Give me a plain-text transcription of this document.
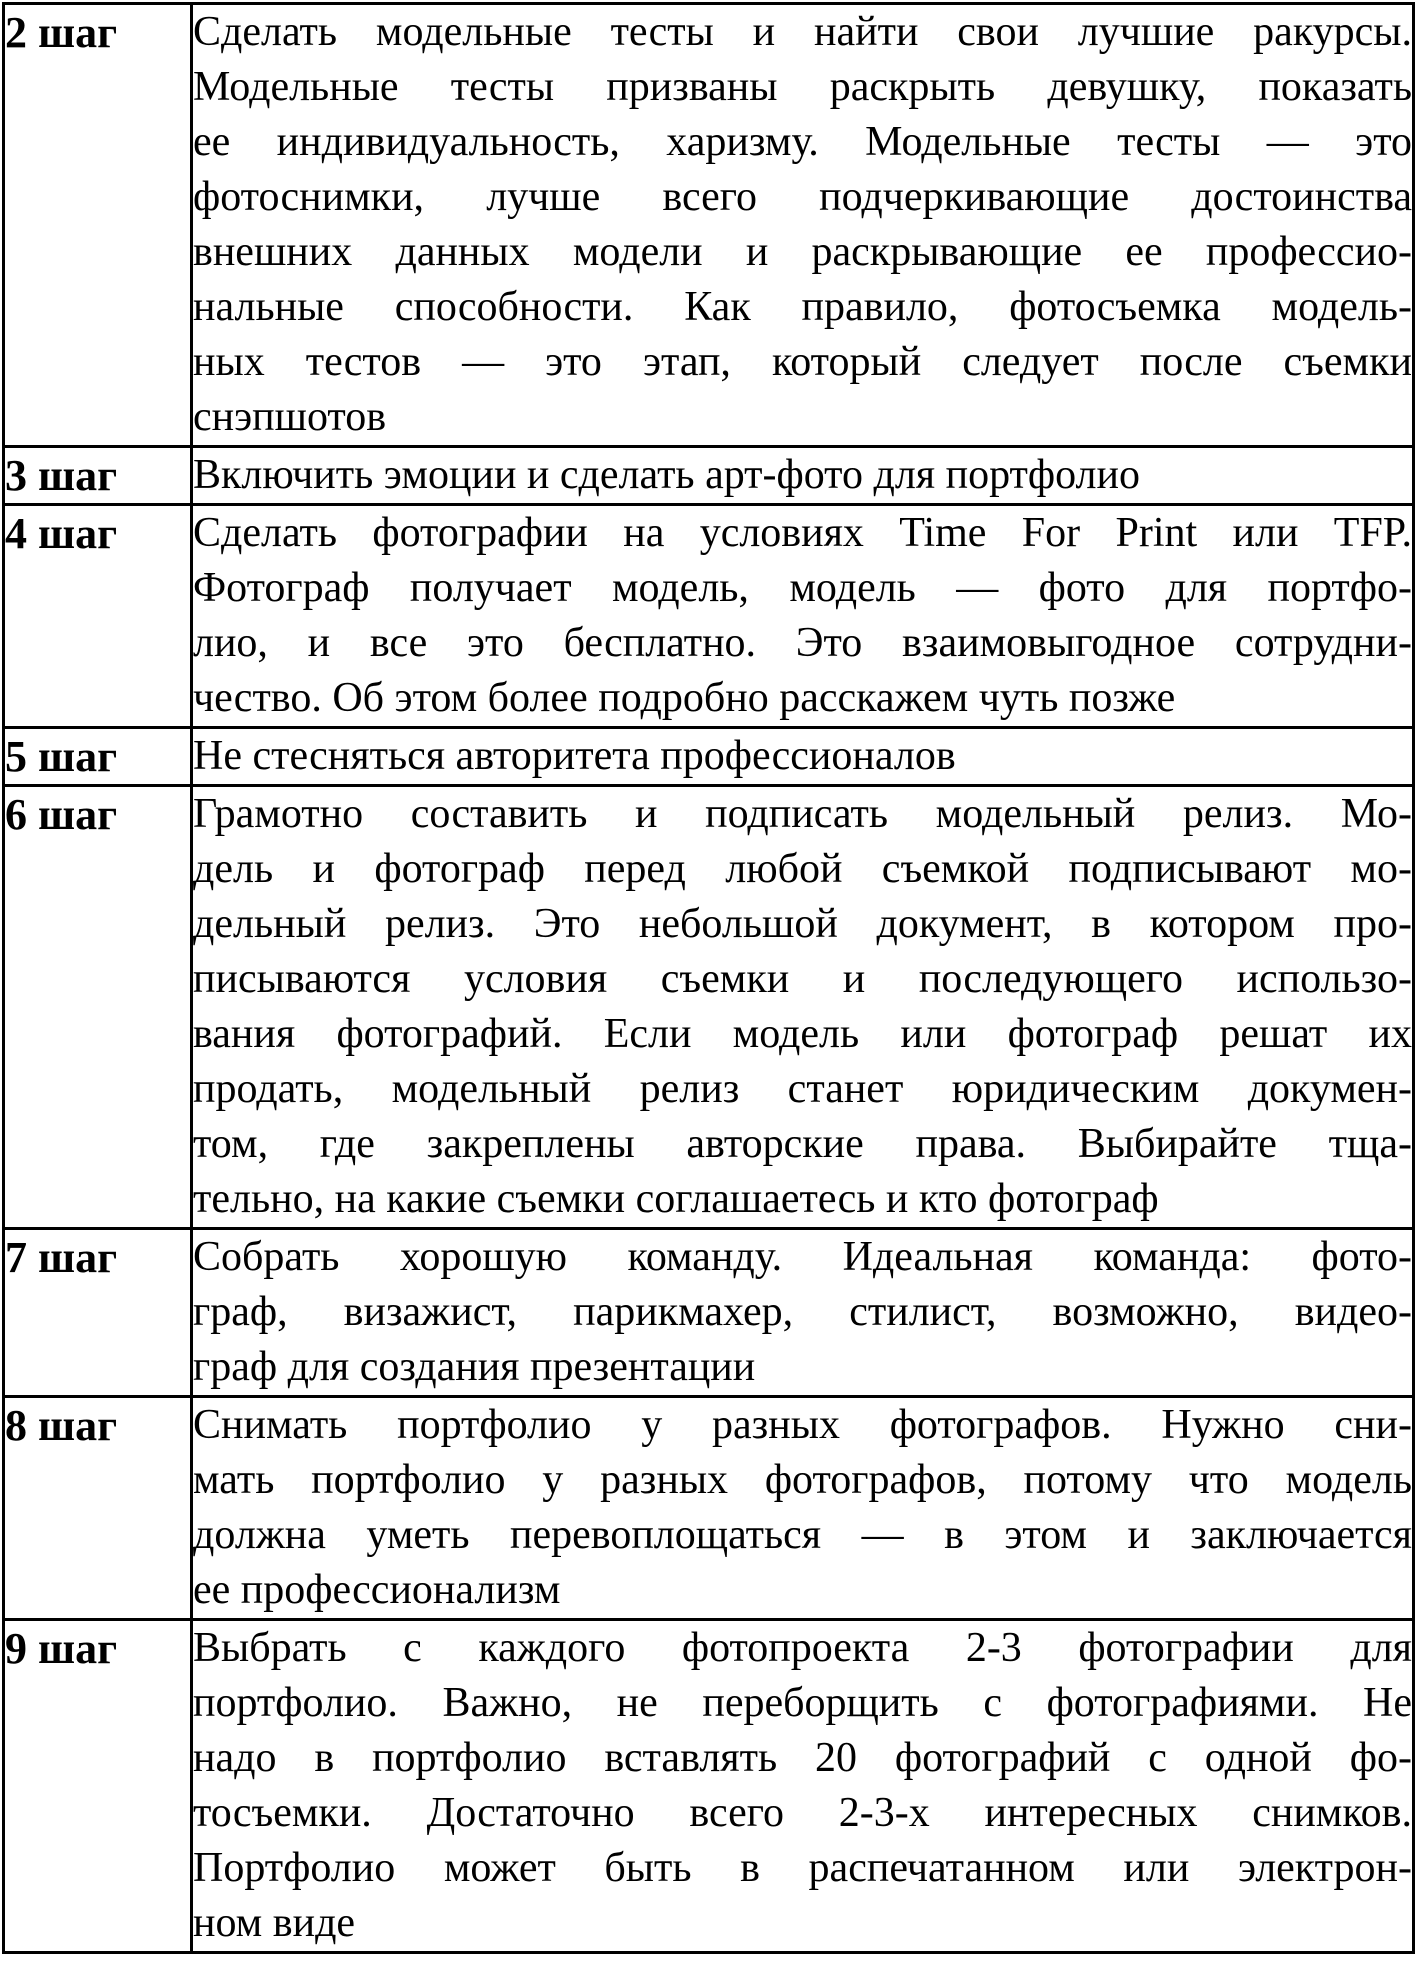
2 шаг	Сделать модельные тесты и найти свои лучшие ракурсы.
Модельные тесты призваны раскрыть девушку, показать
ее индивидуальность, харизму. Модельные тесты — это
фотоснимки, лучше всего подчеркивающие достоинства
внешних данных модели и раскрывающие ее профессио-
нальные способности. Как правило, фотосъемка модель-
ных тестов — это этап, который следует после съемки
снэпшотов

3 шаг	Включить эмоции и сделать арт-фото для портфолио

4 шаг	Сделать фотографии на условиях Time For Print или TFP.
Фотограф получает модель, модель — фото для портфо-
лио, и все это бесплатно. Это взаимовыгодное сотрудни-
чество. Об этом более подробно расскажем чуть позже

5 шаг	Не стесняться авторитета профессионалов

6 шаг	Грамотно составить и подписать модельный релиз. Мо-
дель и фотограф перед любой съемкой подписывают мо-
дельный релиз. Это небольшой документ, в котором про-
писываются условия съемки и последующего использо-
вания фотографий. Если модель или фотограф решат их
продать, модельный релиз станет юридическим докумен-
том, где закреплены авторские права. Выбирайте тща-
тельно, на какие съемки соглашаетесь и кто фотограф

7 шаг	Собрать хорошую команду. Идеальная команда: фото-
граф, визажист, парикмахер, стилист, возможно, видео-
граф для создания презентации

8 шаг	Снимать портфолио у разных фотографов. Нужно сни-
мать портфолио у разных фотографов, потому что модель
должна уметь перевоплощаться — в этом и заключается
ее профессионализм

9 шаг	Выбрать с каждого фотопроекта 2-3 фотографии для
портфолио. Важно, не переборщить с фотографиями. Не
надо в портфолио вставлять 20 фотографий с одной фо-
тосъемки. Достаточно всего 2-3-х интересных снимков.
Портфолио может быть в распечатанном или электрон-
ном виде
